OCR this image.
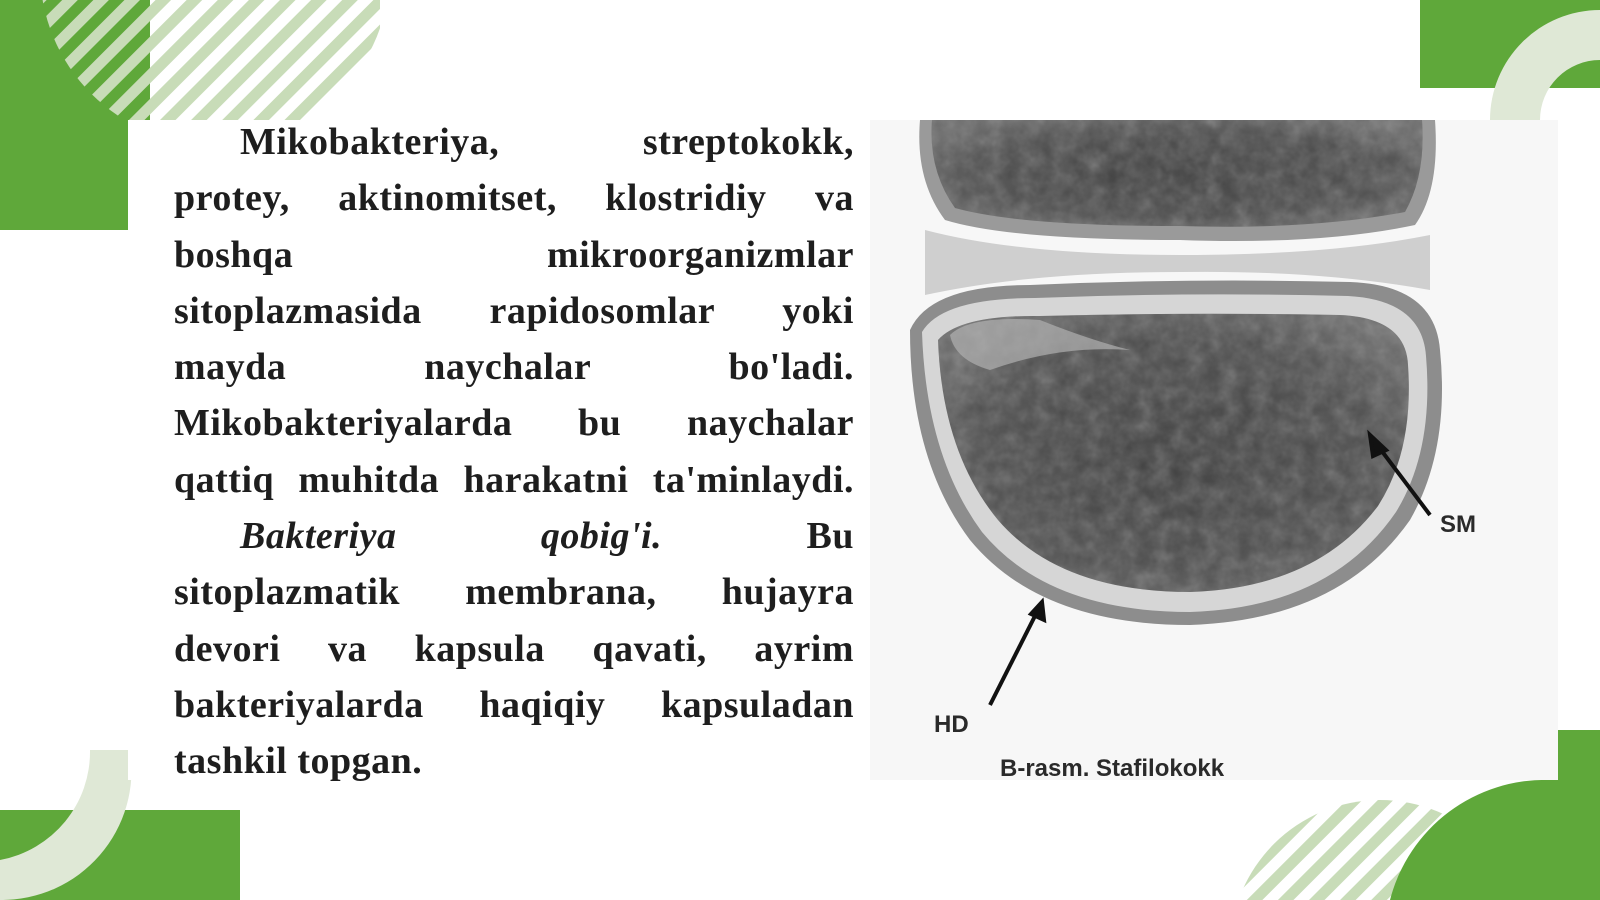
Mikobakteriya, streptokokk,
protey, aktinomitset, klostridiy va
boshqa mikroorganizmlar
sitoplazmasida rapidosomlar yoki
mayda naychalar bo'ladi.
Mikobakteriyalarda bu naychalar
qattiq muhitda harakatni ta'minlaydi.
Bakteriya qobig'i.	Bu
sitoplazmatik membrana, hujayra
devori va kapsula qavati, ayrim
bakteriyalarda haqiqiy kapsuladan
tashkil topgan.
SM
HD
B-rasm. Stafilokokk
